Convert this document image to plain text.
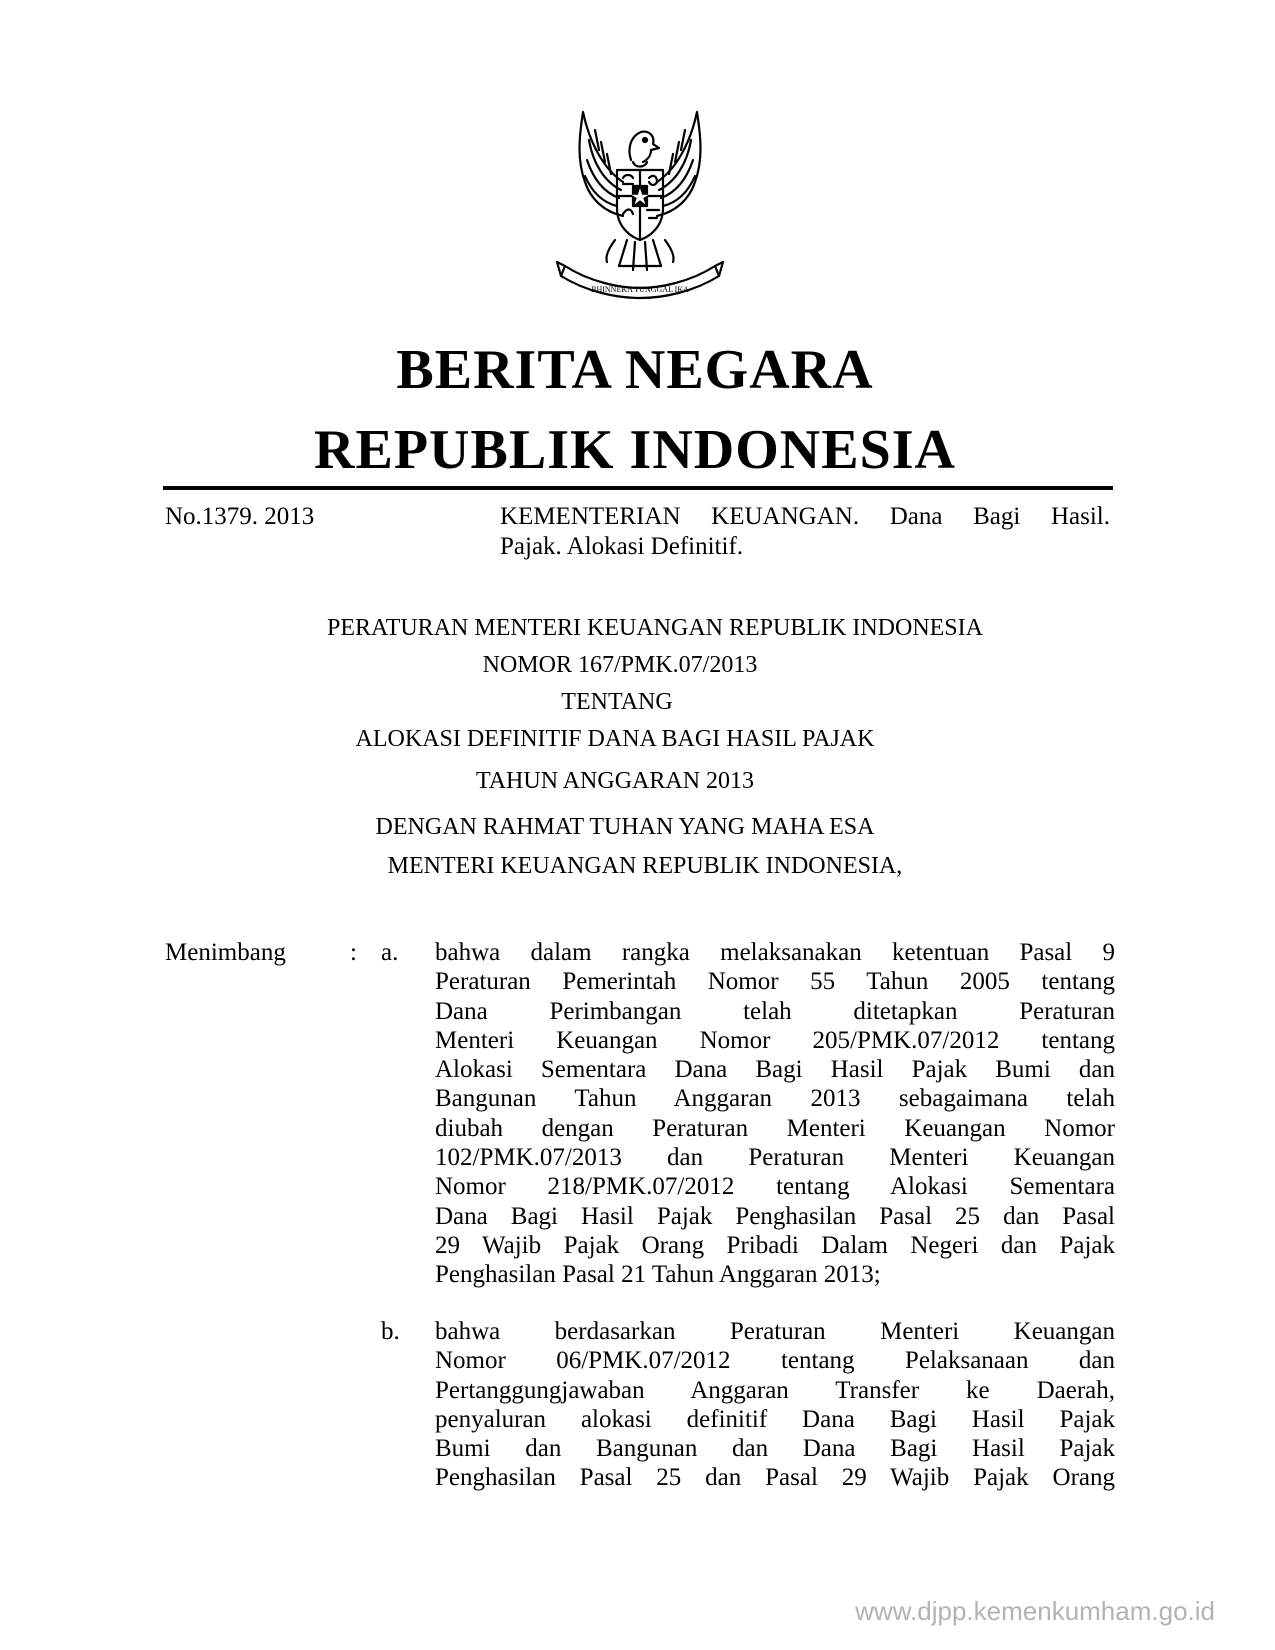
BHINNEKA TUNGGAL IKA
BERITA NEGARA
REPUBLIK INDONESIA
No.1379. 2013	KEMENTERIAN KEUANGAN. Dana Bagi Hasil.
Pajak. Alokasi Definitif.
PERATURAN MENTERI KEUANGAN REPUBLIK INDONESIA
NOMOR 167/PMK.07/2013
TENTANG
ALOKASI DEFINITIF DANA BAGI HASIL PAJAK
TAHUN ANGGARAN 2013
DENGAN RAHMAT TUHAN YANG MAHA ESA
MENTERI KEUANGAN REPUBLIK INDONESIA,
Menimbang	: a. bahwa dalam rangka melaksanakan ketentuan Pasal 9
Peraturan Pemerintah Nomor 55 Tahun 2005 tentang
Dana Perimbangan telah ditetapkan Peraturan
Menteri Keuangan Nomor 205/PMK.07/2012 tentang
Alokasi Sementara Dana Bagi Hasil Pajak Bumi dan
Bangunan Tahun Anggaran 2013 sebagaimana telah
diubah dengan Peraturan Menteri Keuangan Nomor
102/PMK.07/2013 dan Peraturan Menteri Keuangan
Nomor 218/PMK.07/2012 tentang Alokasi Sementara
Dana Bagi Hasil Pajak Penghasilan Pasal 25 dan Pasal
29 Wajib Pajak Orang Pribadi Dalam Negeri dan Pajak
Penghasilan Pasal 21 Tahun Anggaran 2013;
b. bahwa berdasarkan Peraturan Menteri Keuangan
Nomor 06/PMK.07/2012 tentang Pelaksanaan dan
Pertanggungjawaban Anggaran Transfer ke Daerah,
penyaluran alokasi definitif Dana Bagi Hasil Pajak
Bumi dan Bangunan dan Dana Bagi Hasil Pajak
Penghasilan Pasal 25 dan Pasal 29 Wajib Pajak Orang
www.djpp.kemenkumham.go.id
